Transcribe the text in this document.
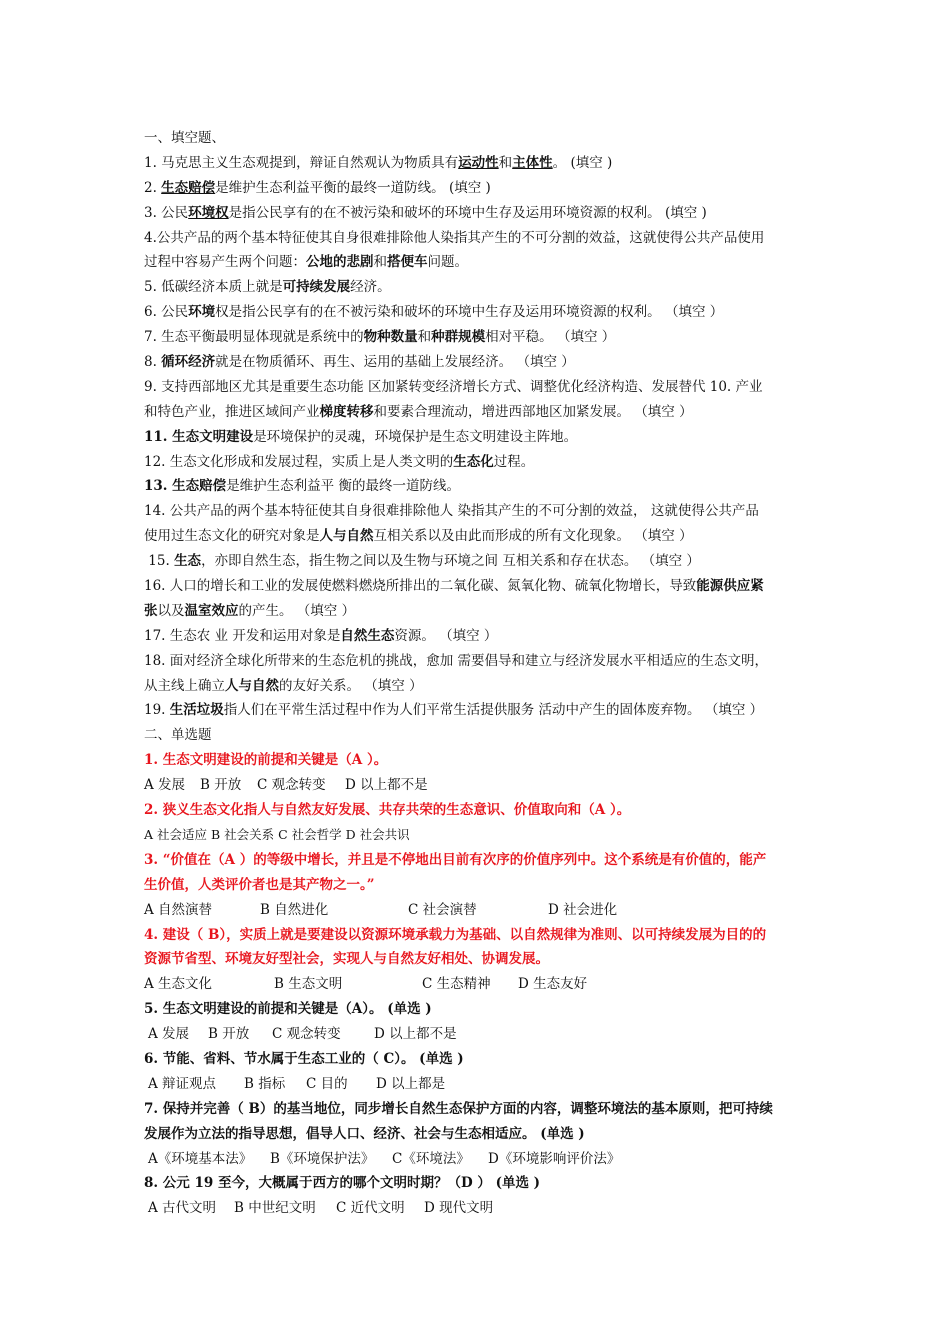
一、填空题、
1. 马克思主义生态观提到，辩证自然观认为物质具有运动性和主体性。 (填空 )
2. 生态赔偿是维护生态利益平衡的最终一道防线。 (填空 )
3. 公民环境权是指公民享有的在不被污染和破坏的环境中生存及运用环境资源的权利。 (填空 )
4.公共产品的两个基本特征使其自身很难排除他人染指其产生的不可分割的效益，这就使得公共产品使用
过程中容易产生两个问题：公地的悲剧和搭便车问题。
5. 低碳经济本质上就是可持续发展经济。
6. 公民环境权是指公民享有的在不被污染和破坏的环境中生存及运用环境资源的权利。 （填空 ）
7. 生态平衡最明显体现就是系统中的物种数量和种群规模相对平稳。 （填空 ）
8. 循环经济就是在物质循环、再生、运用的基础上发展经济。 （填空 ）
9. 支持西部地区尤其是重要生态功能 区加紧转变经济增长方式、调整优化经济构造、发展替代 10. 产业
和特色产业，推进区域间产业梯度转移和要素合理流动，增进西部地区加紧发展。 （填空 ）
11. 生态文明建设是环境保护的灵魂，环境保护是生态文明建设主阵地。
12. 生态文化形成和发展过程，实质上是人类文明的生态化过程。
13. 生态赔偿是维护生态利益平 衡的最终一道防线。
14. 公共产品的两个基本特征使其自身很难排除他人 染指其产生的不可分割的效益， 这就使得公共产品
使用过生态文化的研究对象是人与自然互相关系以及由此而形成的所有文化现象。 （填空 ）
15. 生态，亦即自然生态，指生物之间以及生物与环境之间 互相关系和存在状态。 （填空 ）
16. 人口的增长和工业的发展使燃料燃烧所排出的二氧化碳、氮氧化物、硫氧化物增长，导致能源供应紧
张以及温室效应的产生。 （填空 ）
17. 生态农 业 开发和运用对象是自然生态资源。 （填空 ）
18. 面对经济全球化所带来的生态危机的挑战，愈加 需要倡导和建立与经济发展水平相适应的生态文明，
从主线上确立人与自然的友好关系。 （填空 ）
19. 生活垃圾指人们在平常生活过程中作为人们平常生活提供服务 活动中产生的固体废弃物。 （填空 ）
二、单选题
1. 生态文明建设的前提和关键是（A ）。
A 发展 B 开放 C 观念转变 D 以上都不是
2. 狭义生态文化指人与自然友好发展、共存共荣的生态意识、价值取向和（A ）。
A 社会适应 B 社会关系 C 社会哲学 D 社会共识
3. “价值在（A ）的等级中增长，并且是不停地出目前有次序的价值序列中。这个系统是有价值的，能产
生价值，人类评价者也是其产物之一。”
A 自然演替	B 自然进化	C 社会演替	D 社会进化
4. 建设（ B），实质上就是要建设以资源环境承载力为基础、以自然规律为准则、以可持续发展为目的的
资源节省型、环境友好型社会，实现人与自然友好相处、协调发展。
A 生态文化	B 生态文明	C 生态精神 D 生态友好
5. 生态文明建设的前提和关键是（A）。 (单选 )
A 发展 B 开放 C 观念转变 D 以上都不是
6. 节能、省料、节水属于生态工业的（ C）。 (单选 )
A 辩证观点 B 指标 C 目的 D 以上都是
7. 保持并完善（ B）的基当地位，同步增长自然生态保护方面的内容，调整环境法的基本原则，把可持续
发展作为立法的指导思想，倡导人口、经济、社会与生态相适应。 (单选 )
A《环境基本法》 B《环境保护法》 C《环境法》 D《环境影响评价法》
8. 公元 19 至今，大概属于西方的哪个文明时期？（D ） (单选 )
A 古代文明 B 中世纪文明 C 近代文明 D 现代文明
